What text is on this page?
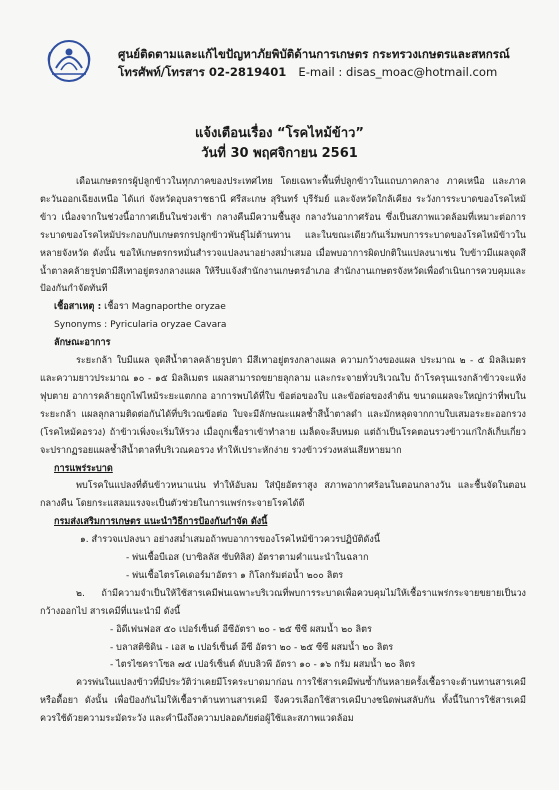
ศูนย์ติดตามและแก้ไขปัญหาภัยพิบัติด้านการเกษตร กระทรวงเกษตรและสหกรณ์
โทรศัพท์/โทรสาร 02-2819401 E-mail : disas_moac@hotmail.com
แจ้งเตือนเรื่อง “โรคไหม้ข้าว”
วันที่ 30 พฤศจิกายน 2561

เดือนเกษตรกรผู้ปลูกข้าวในทุกภาคของประเทศไทย โดยเฉพาะพื้นที่ปลูกข้าวในแถบภาคกลาง ภาคเหนือ และภาคตะวันออกเฉียงเหนือ ได้แก่ จังหวัดอุบลราชธานี ศรีสะเกษ สุรินทร์ บุรีรัมย์ และจังหวัดใกล้เคียง ระวังการระบาดของโรคไหม้ข้าว เนื่องจากในช่วงนี้อากาศเย็นในช่วงเช้า กลางคืนมีความชื้นสูง กลางวันอากาศร้อน ซึ่งเป็นสภาพแวดล้อมที่เหมาะต่อการระบาดของโรคไหม้ประกอบกับเกษตรกรปลูกข้าวพันธุ์ไม่ต้านทาน และในขณะเดียวกันเริ่มพบการระบาดของโรคไหม้ข้าวในหลายจังหวัด ดังนั้น ขอให้เกษตรกรหมั่นสำรวจแปลงนาอย่างสม่ำเสมอ เมื่อพบอาการผิดปกติในแปลงนาเช่น ใบข้าวมีแผลจุดสีน้ำตาลคล้ายรูปตามีสีเทาอยู่ตรงกลางแผล ให้รีบแจ้งสำนักงานเกษตรอำเภอ สำนักงานเกษตรจังหวัดเพื่อดำเนินการควบคุมและป้องกันกำจัดทันที

เชื้อสาเหตุ : เชื้อรา Magnaporthe oryzae

Synonyms : Pyricularia oryzae Cavara

ลักษณะอาการ

ระยะกล้า ใบมีแผล จุดสีน้ำตาลคล้ายรูปตา มีสีเทาอยู่ตรงกลางแผล ความกว้างของแผล ประมาณ ๒ - ๕ มิลลิเมตร และความยาวประมาณ ๑๐ - ๑๕ มิลลิเมตร แผลสามารถขยายลุกลาม และกระจายทั่วบริเวณใบ ถ้าโรครุนแรงกล้าข้าวจะแห้งฟุบตาย อาการคล้ายถูกไฟไหม้ระยะแตกกอ อาการพบได้ที่ใบ ข้อต่อของใบ และข้อต่อของลำต้น ขนาดแผลจะใหญ่กว่าที่พบในระยะกล้า แผลลุกลามติดต่อกันได้ที่บริเวณข้อต่อ ใบจะมีลักษณะแผลช้ำสีน้ำตาลดำ และมักหลุดจากกาบใบเสมอระยะออกรวง (โรคไหม้คอรวง) ถ้าข้าวเพิ่งจะเริ่มให้รวง เมื่อถูกเชื้อราเข้าทำลาย เมล็ดจะลีบหมด แต่ถ้าเป็นโรคตอนรวงข้าวแก่ใกล้เก็บเกี่ยว จะปรากฏรอยแผลช้ำสีน้ำตาลที่บริเวณคอรวง ทำให้เปราะหักง่าย รวงข้าวร่วงหล่นเสียหายมาก

การแพร่ระบาด

พบโรคในแปลงที่ต้นข้าวหนาแน่น ทำให้อับลม ใส่ปุ๋ยอัตราสูง สภาพอากาศร้อนในตอนกลางวัน และชื้นจัดในตอนกลางคืน โดยกระแสลมแรงจะเป็นตัวช่วยในการแพร่กระจายโรคได้ดี

กรมส่งเสริมการเกษตร แนะนำวิธีการป้องกันกำจัด ดังนี้

๑. สำรวจแปลงนา อย่างสม่ำเสมอถ้าพบอาการของโรคไหม้ข้าวควรปฏิบัติดังนี้

- พ่นเชื้อบีเอส (บาซิลลัส ซับทิลิส) อัตราตามคำแนะนำในฉลาก

- พ่นเชื้อไตรโคเดอร์มาอัตรา ๑ กิโลกรัมต่อน้ำ ๒๐๐ ลิตร

๒. ถ้ามีความจำเป็นให้ใช้สารเคมีพ่นเฉพาะบริเวณที่พบการระบาดเพื่อควบคุมไม่ให้เชื้อราแพร่กระจายขยายเป็นวงกว้างออกไป สารเคมีที่แนะนำมี ดังนี้

- อิดีเฟนฟอส ๕๐ เปอร์เซ็นต์ อีซีอัตรา ๒๐ - ๒๕ ซีซี ผสมน้ำ ๒๐ ลิตร

- บลาสติซิดิน - เอส ๒ เปอร์เซ็นต์ อีซี อัตรา ๒๐ - ๒๕ ซีซี ผสมน้ำ ๒๐ ลิตร

- ไตรไซคราโซล ๗๕ เปอร์เซ็นต์ ดับบลิวพี อัตรา ๑๐ - ๑๖ กรัม ผสมน้ำ ๒๐ ลิตร

ควรพ่นในแปลงข้าวที่มีประวัติว่าเคยมีโรคระบาดมาก่อน การใช้สารเคมีพ่นซ้ำกันหลายครั้งเชื้อราจะต้านทานสารเคมีหรือดื้อยา ดังนั้น เพื่อป้องกันไม่ให้เชื้อราต้านทานสารเคมี จึงควรเลือกใช้สารเคมีบางชนิดพ่นสลับกัน ทั้งนี้ในการใช้สารเคมีควรใช้ด้วยความระมัดระวัง และคำนึงถึงความปลอดภัยต่อผู้ใช้และสภาพแวดล้อม
